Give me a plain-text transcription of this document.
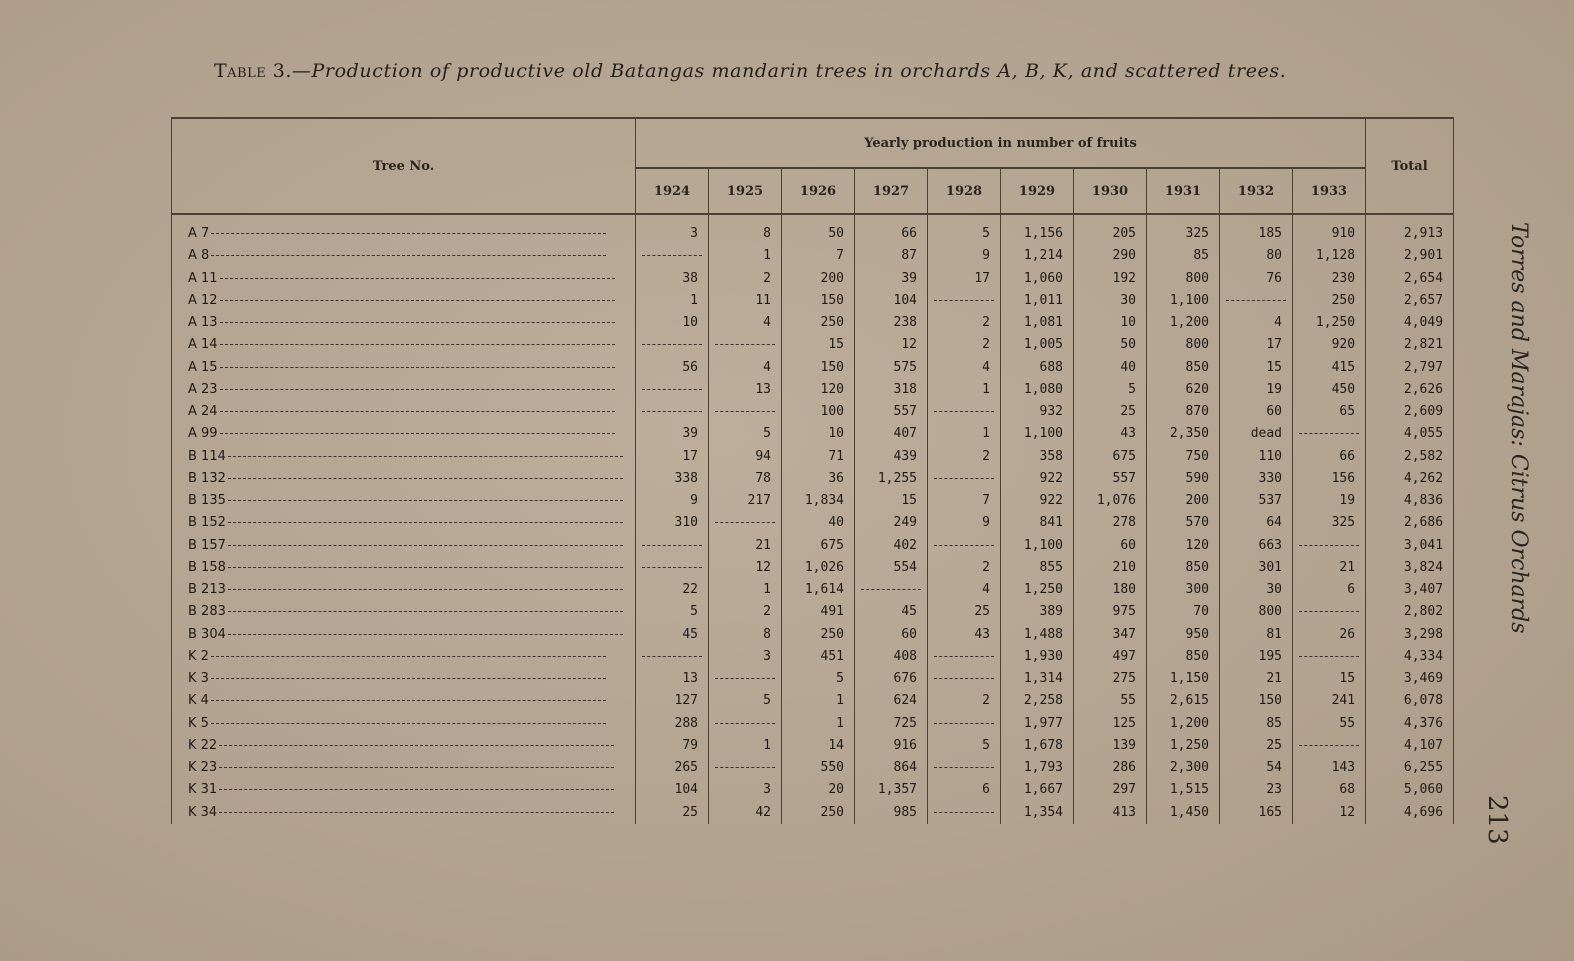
Table 3.—Production of productive old Batangas mandarin trees in orchards A, B, K, and scattered trees.
Tree No.	Yearly production in number of fruits										Total
	1924	1925	1926	1927	1928	1929	1930	1931	1932	1933	
A 7	3	8	50	66	5	1,156	205	325	185	910	2,913
A 8		1	7	87	9	1,214	290	85	80	1,128	2,901
A 11	38	2	200	39	17	1,060	192	800	76	230	2,654
A 12	1	11	150	104		1,011	30	1,100		250	2,657
A 13	10	4	250	238	2	1,081	10	1,200	4	1,250	4,049
A 14			15	12	2	1,005	50	800	17	920	2,821
A 15	56	4	150	575	4	688	40	850	15	415	2,797
A 23		13	120	318	1	1,080	5	620	19	450	2,626
A 24			100	557		932	25	870	60	65	2,609
A 99	39	5	10	407	1	1,100	43	2,350	dead		4,055
B 114	17	94	71	439	2	358	675	750	110	66	2,582
B 132	338	78	36	1,255		922	557	590	330	156	4,262
B 135	9	217	1,834	15	7	922	1,076	200	537	19	4,836
B 152	310		40	249	9	841	278	570	64	325	2,686
B 157		21	675	402		1,100	60	120	663		3,041
B 158		12	1,026	554	2	855	210	850	301	21	3,824
B 213	22	1	1,614		4	1,250	180	300	30	6	3,407
B 283	5	2	491	45	25	389	975	70	800		2,802
B 304	45	8	250	60	43	1,488	347	950	81	26	3,298
K 2		3	451	408		1,930	497	850	195		4,334
K 3	13		5	676		1,314	275	1,150	21	15	3,469
K 4	127	5	1	624	2	2,258	55	2,615	150	241	6,078
K 5	288		1	725		1,977	125	1,200	85	55	4,376
K 22	79	1	14	916	5	1,678	139	1,250	25		4,107
K 23	265		550	864		1,793	286	2,300	54	143	6,255
K 31	104	3	20	1,357	6	1,667	297	1,515	23	68	5,060
K 34	25	42	250	985		1,354	413	1,450	165	12	4,696
Torres and Marajas: Citrus Orchards
213
